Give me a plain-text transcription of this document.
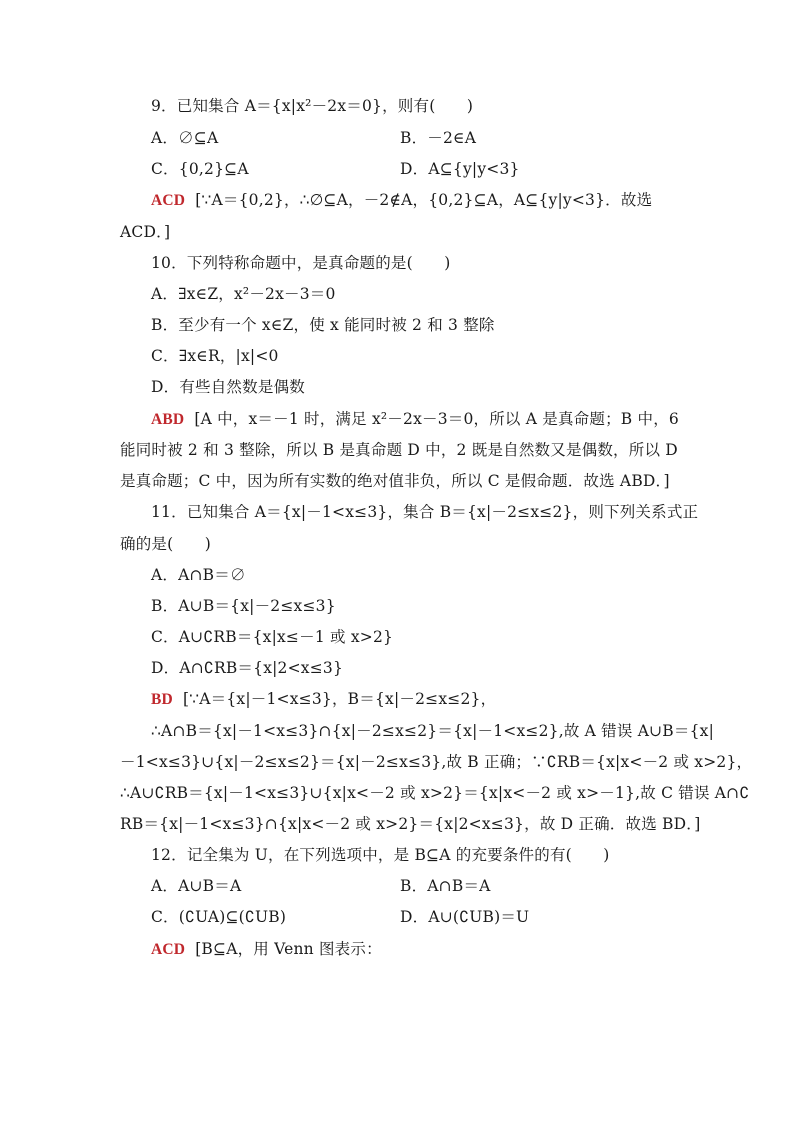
9．已知集合 A＝{x|x²－2x＝0}，则有(　　)
A．∅⊆A	B．－2∈A
C．{0,2}⊆A	D．A⊆{y|y<3}
ACD [∵A＝{0,2}，∴∅⊆A，－2∉A，{0,2}⊆A，A⊆{y|y<3}．故选
ACD．]
10．下列特称命题中，是真命题的是(　　)
A．∃x∈Z，x²－2x－3＝0
B．至少有一个 x∈Z，使 x 能同时被 2 和 3 整除
C．∃x∈R，|x|<0
D．有些自然数是偶数
ABD [A 中，x＝－1 时，满足 x²－2x－3＝0，所以 A 是真命题；B 中，6
能同时被 2 和 3 整除，所以 B 是真命题 D 中，2 既是自然数又是偶数，所以 D
是真命题；C 中，因为所有实数的绝对值非负，所以 C 是假命题．故选 ABD．]
11．已知集合 A＝{x|－1<x≤3}，集合 B＝{x|－2≤x≤2}，则下列关系式正
确的是(　　)
A．A∩B＝∅
B．A∪B＝{x|－2≤x≤3}
C．A∪∁RB＝{x|x≤－1 或 x>2}
D．A∩∁RB＝{x|2<x≤3}
BD [∵A＝{x|－1<x≤3}，B＝{x|－2≤x≤2}，
∴A∩B＝{x|－1<x≤3}∩{x|－2≤x≤2}＝{x|－1<x≤2},故 A 错误 A∪B＝{x|
－1<x≤3}∪{x|－2≤x≤2}＝{x|－2≤x≤3},故 B 正确；∵∁RB＝{x|x<－2 或 x>2}，
∴A∪∁RB＝{x|－1<x≤3}∪{x|x<－2 或 x>2}＝{x|x<－2 或 x>－1},故 C 错误 A∩∁
RB＝{x|－1<x≤3}∩{x|x<－2 或 x>2}＝{x|2<x≤3}，故 D 正确．故选 BD．]
12．记全集为 U，在下列选项中，是 B⊆A 的充要条件的有(　　)
A．A∪B＝A	B．A∩B＝A
C．(∁UA)⊆(∁UB)	D．A∪(∁UB)＝U
ACD [B⊆A，用 Venn 图表示：
